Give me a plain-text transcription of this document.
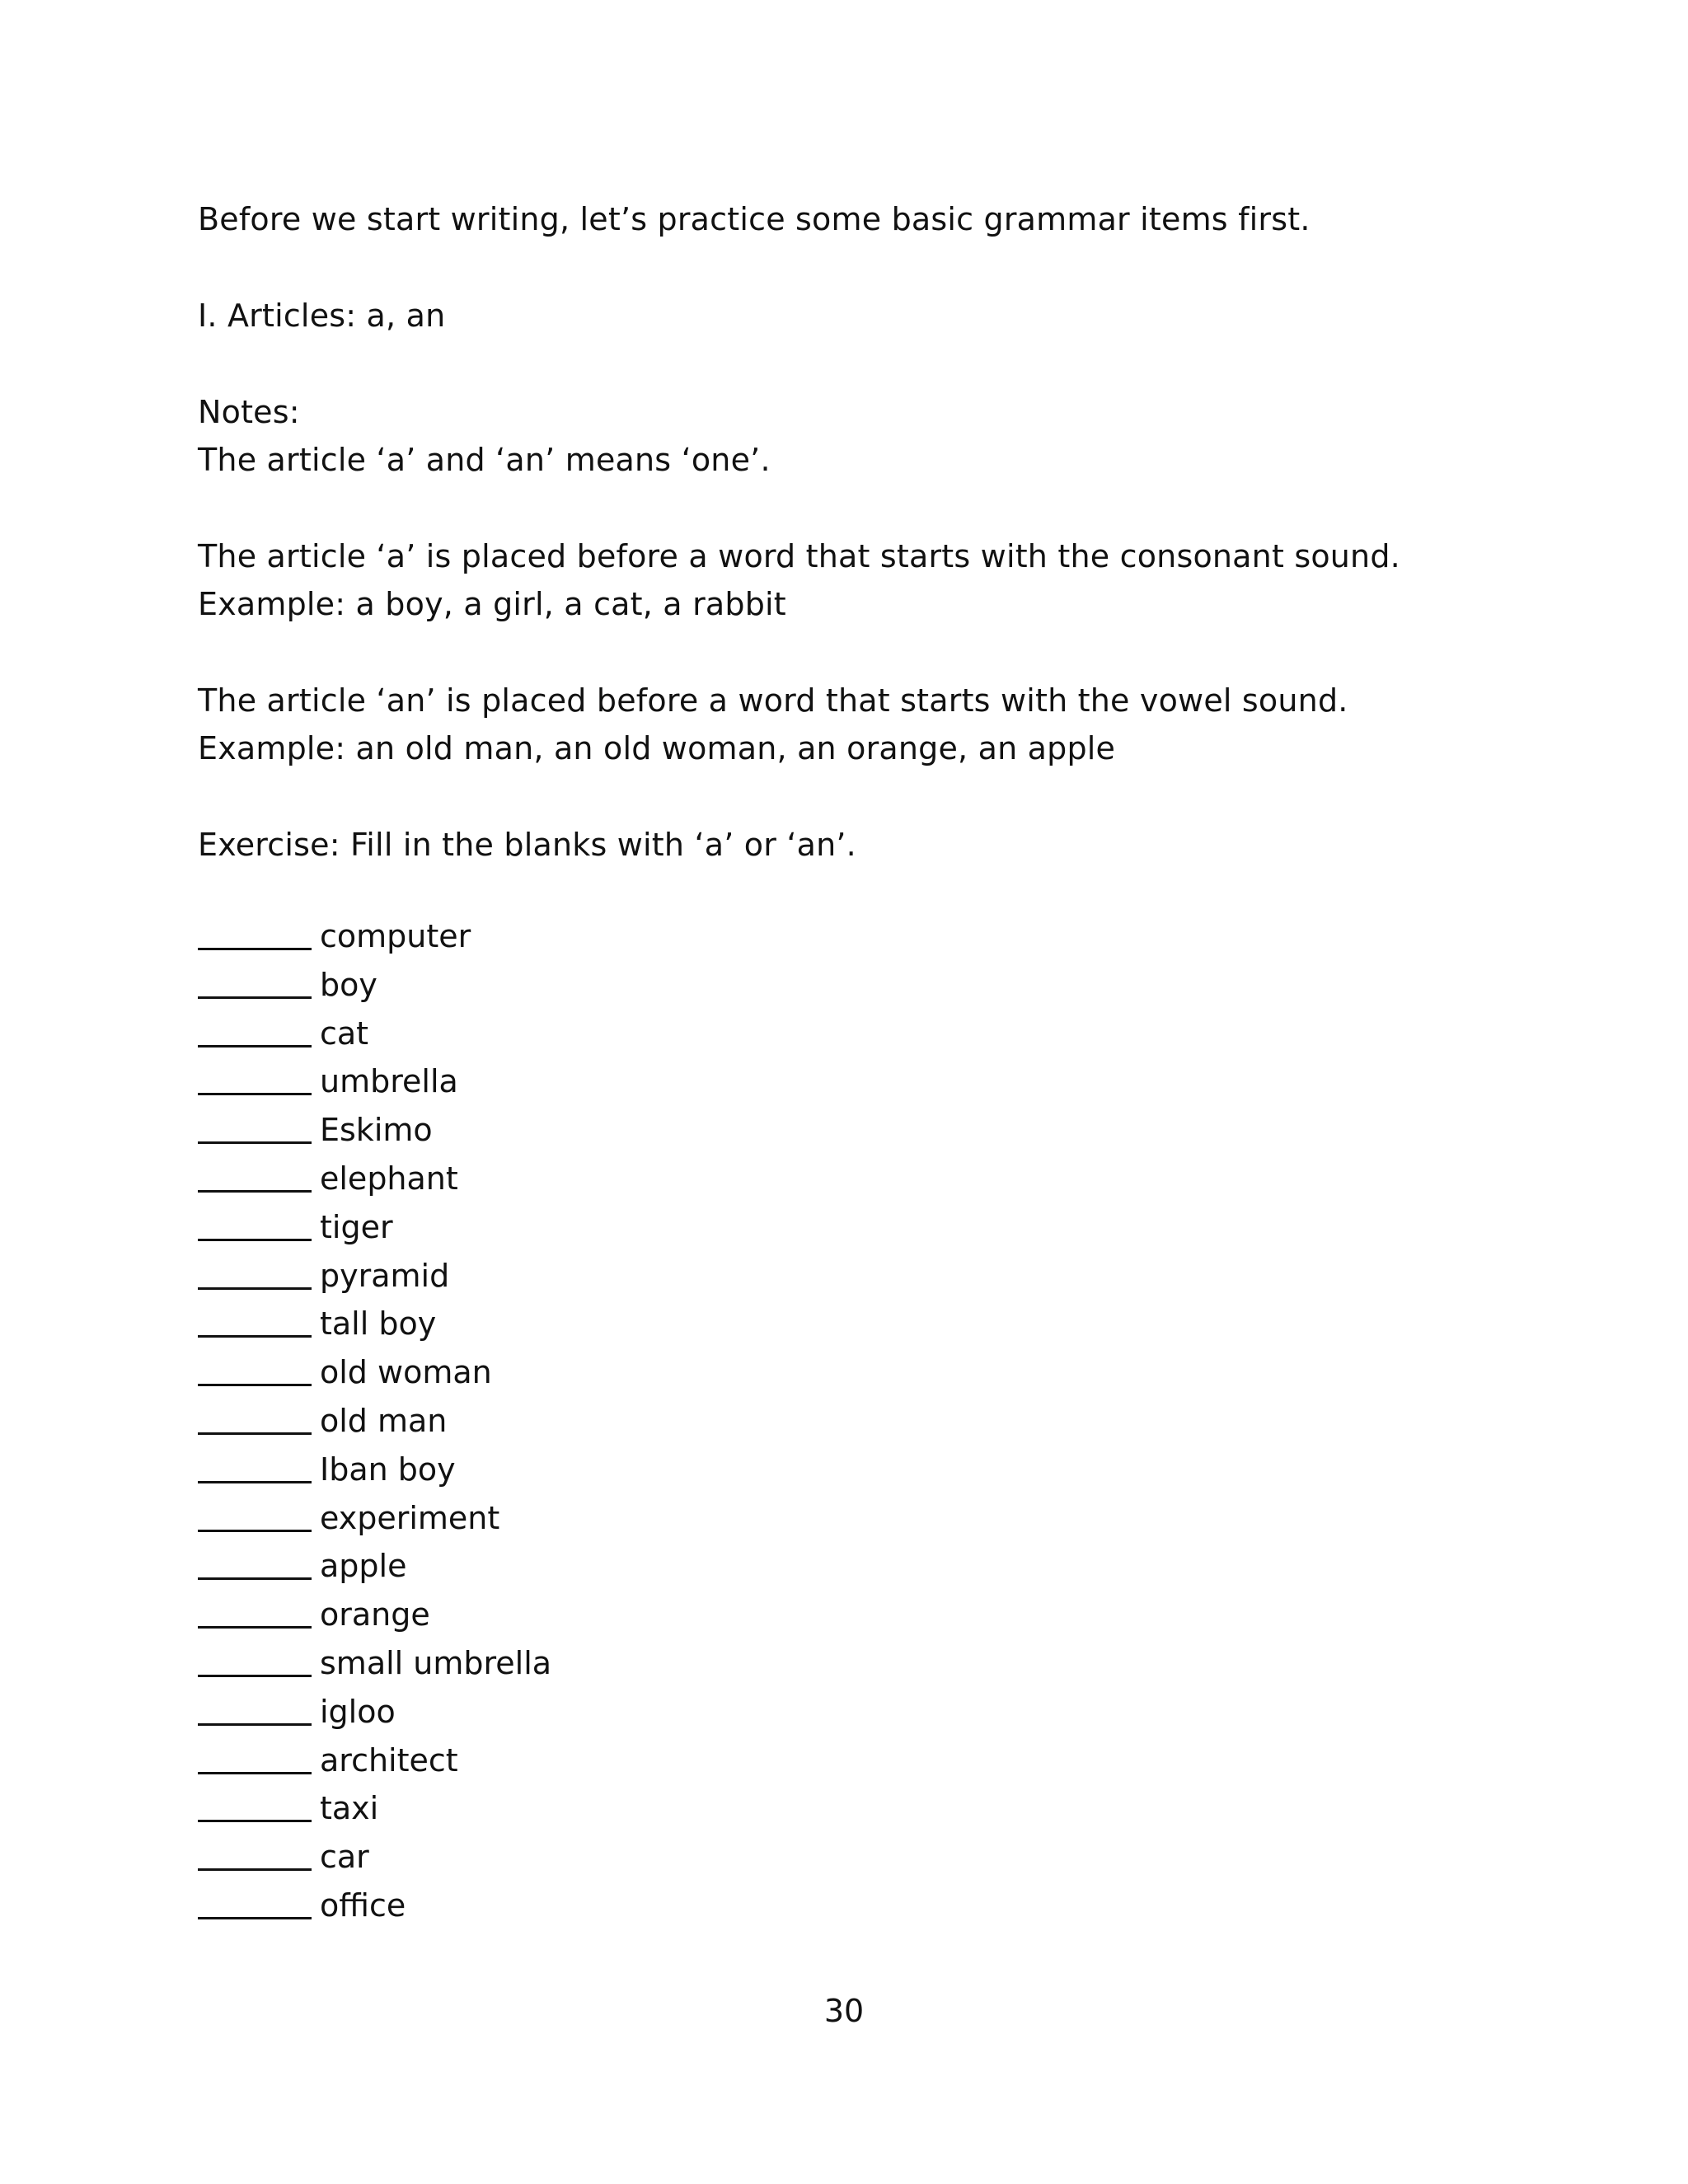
Before we start writing, let’s practice some basic grammar items first.
I. Articles: a, an
Notes:
The article ‘a’ and ‘an’ means ‘one’.
The article ‘a’ is placed before a word that starts with the consonant sound.
Example: a boy, a girl, a cat, a rabbit
The article ‘an’ is placed before a word that starts with the vowel sound.
Example: an old man, an old woman, an orange, an apple
Exercise: Fill in the blanks with ‘a’ or ‘an’.
computer
boy
cat
umbrella
Eskimo
elephant
tiger
pyramid
tall boy
old woman
old man
Iban boy
experiment
apple
orange
small umbrella
igloo
architect
taxi
car
office
30
